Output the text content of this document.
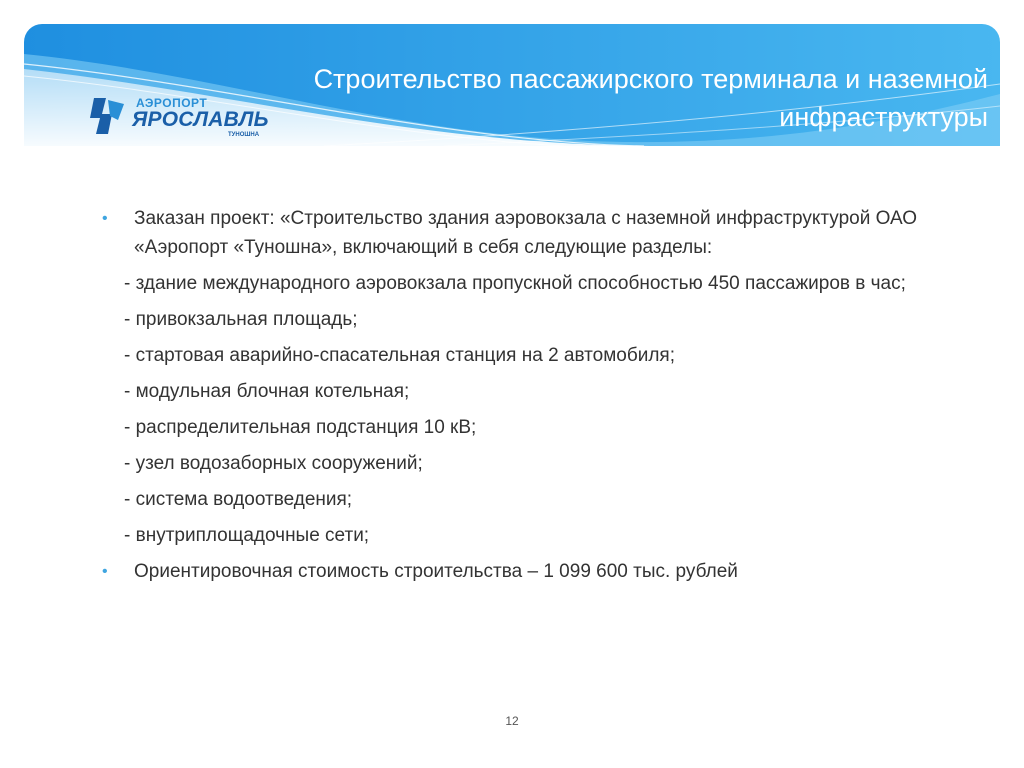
Строительство пассажирского терминала и наземной инфраструктуры
АЭРОПОРТ
ЯРОСЛАВЛЬ
ТУНОШНА
• Заказан проект: «Строительство здания аэровокзала с наземной инфраструктурой ОАО «Аэропорт «Туношна», включающий в себя следующие разделы:
- здание международного аэровокзала пропускной способностью 450 пассажиров в час;
- привокзальная площадь;
- стартовая аварийно-спасательная станция на 2 автомобиля;
- модульная блочная котельная;
- распределительная подстанция 10 кВ;
- узел водозаборных сооружений;
- система водоотведения;
- внутриплощадочные сети;
• Ориентировочная стоимость строительства – 1 099 600 тыс. рублей
12
